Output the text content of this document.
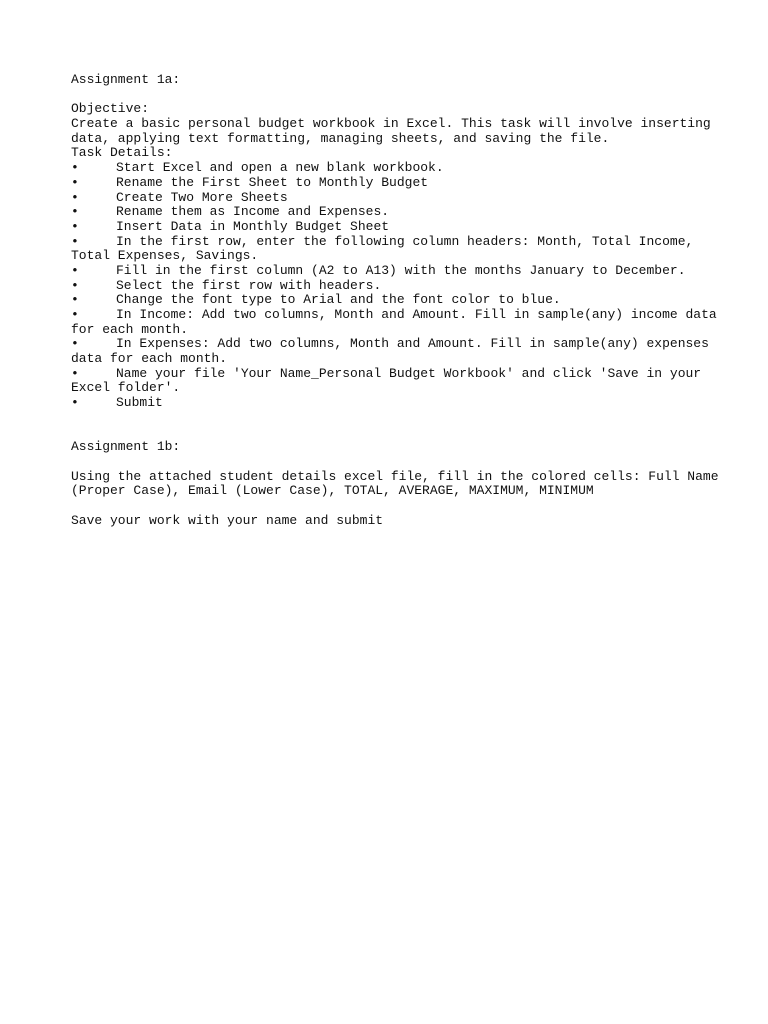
Assignment 1a:
Objective:
Create a basic personal budget workbook in Excel. This task will involve inserting
data, applying text formatting, managing sheets, and saving the file.
Task Details:
•	Start Excel and open a new blank workbook.
•	Rename the First Sheet to Monthly Budget
•	Create Two More Sheets
•	Rename them as Income and Expenses.
•	Insert Data in Monthly Budget Sheet
•	In the first row, enter the following column headers: Month, Total Income,
Total Expenses, Savings.
•	Fill in the first column (A2 to A13) with the months January to December.
•	Select the first row with headers.
•	Change the font type to Arial and the font color to blue.
•	In Income: Add two columns, Month and Amount. Fill in sample(any) income data
for each month.
•	In Expenses: Add two columns, Month and Amount. Fill in sample(any) expenses
data for each month.
•	Name your file 'Your Name_Personal Budget Workbook' and click 'Save in your
Excel folder'.
•	Submit
Assignment 1b:
Using the attached student details excel file, fill in the colored cells: Full Name
(Proper Case), Email (Lower Case), TOTAL, AVERAGE, MAXIMUM, MINIMUM
Save your work with your name and submit
